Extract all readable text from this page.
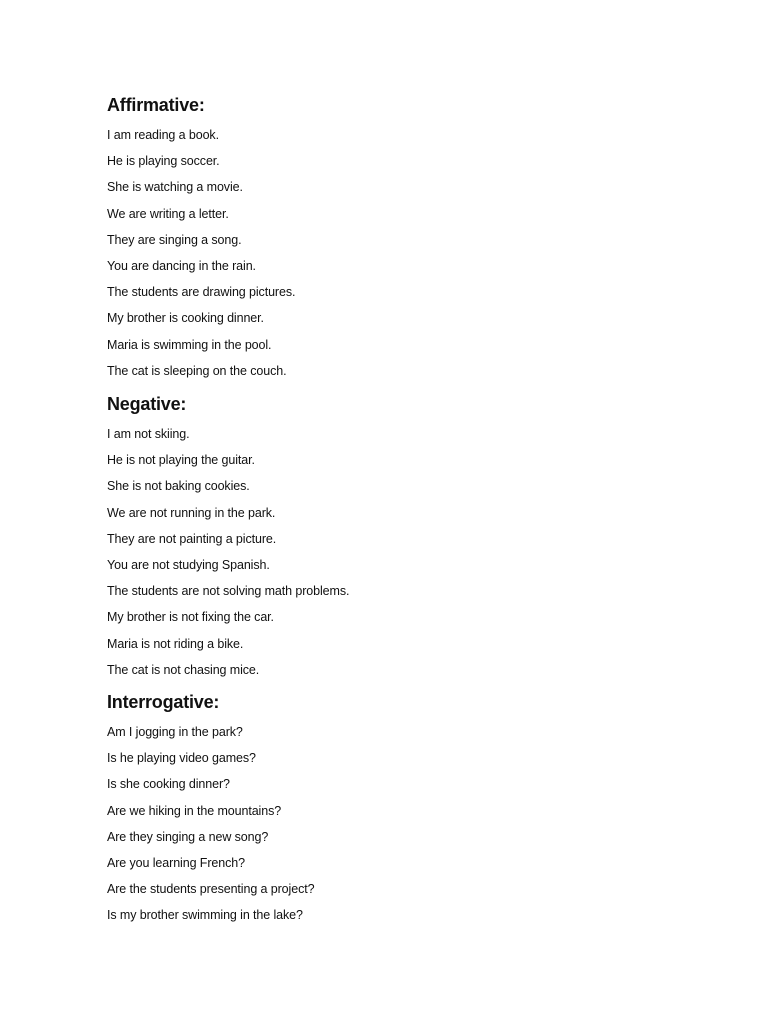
Affirmative:
I am reading a book.
He is playing soccer.
She is watching a movie.
We are writing a letter.
They are singing a song.
You are dancing in the rain.
The students are drawing pictures.
My brother is cooking dinner.
Maria is swimming in the pool.
The cat is sleeping on the couch.
Negative:
I am not skiing.
He is not playing the guitar.
She is not baking cookies.
We are not running in the park.
They are not painting a picture.
You are not studying Spanish.
The students are not solving math problems.
My brother is not fixing the car.
Maria is not riding a bike.
The cat is not chasing mice.
Interrogative:
Am I jogging in the park?
Is he playing video games?
Is she cooking dinner?
Are we hiking in the mountains?
Are they singing a new song?
Are you learning French?
Are the students presenting a project?
Is my brother swimming in the lake?
